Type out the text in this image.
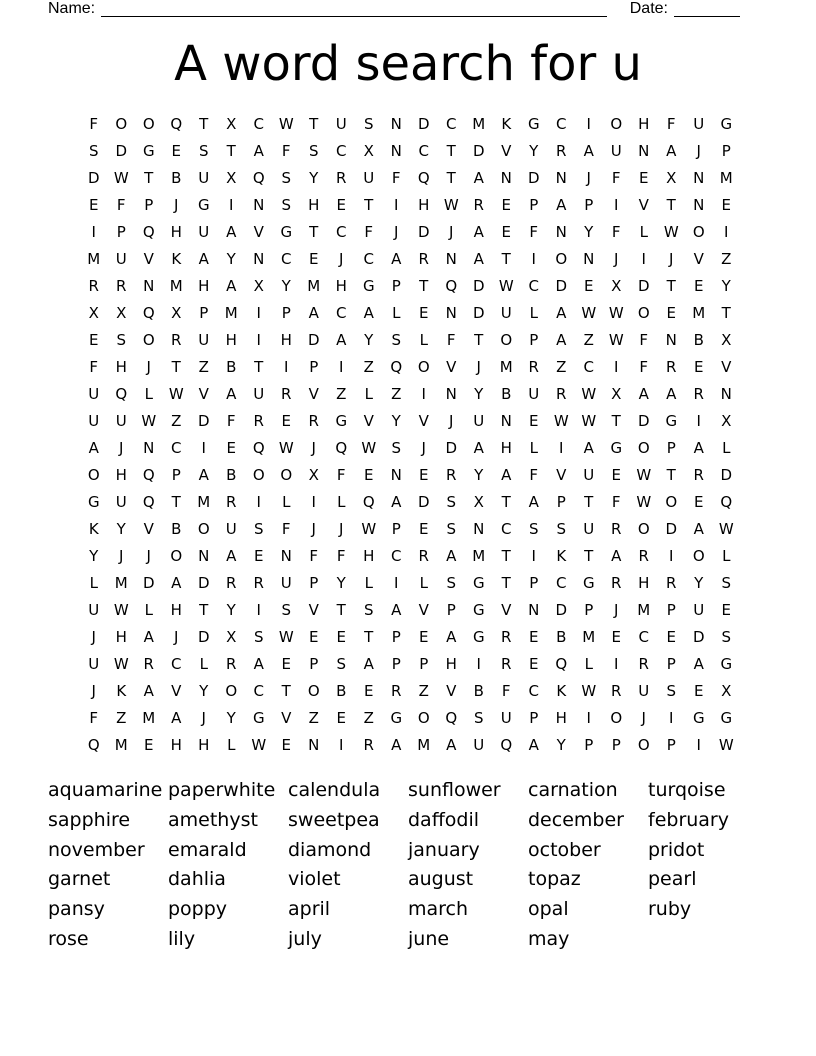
Name:	Date:
A word search for u
F	O	O	Q	T	X	C W	T	U	S	N	D	C	M	K	G	C	I	O	H	F	U	G
S	D	G	E	S	T	A	F	S	C	X	N	C	T	D	V	Y	R	A	U	N	A	J	P
D W	T	B	U	X	Q	S	Y	R	U	F	Q	T	A	N	D	N	J	F	E	X	N	M
E	F	P	J	G	I	N	S	H	E	T	I	H W R	E	P	A	P	I	V	T	N	E
I	P	Q	H	U	A	V	G	T	C	F	J	D	J	A	E	F	N	Y	F	L	W O	I
M	U	V	K	A	Y	N	C	E	J	C	A	R	N	A	T	I	O	N	J	I	J	V	Z
R	R	N	M	H	A	X	Y	M	H	G	P	T	Q	D W C	D	E	X	D	T	E	Y
X	X	Q	X	P	M	I	P	A	C	A	L	E	N	D	U	L	A W W O	E	M	T
E	S	O	R	U	H	I	H	D	A	Y	S	L	F	T	O	P	A	Z W	F	N	B	X
F	H	J	T	Z	B	T	I	P	I	Z	Q	O	V	J	M	R	Z	C	I	F	R	E	V
U	Q	L	W V	A	U	R	V	Z	L	Z	I	N	Y	B	U	R W X	A	A	R	N
U	U W Z	D	F	R	E	R	G	V	Y	V	J	U	N	E	W W	T	D	G	I	X
A	J	N	C	I	E	Q W	J	Q W	S	J	D	A	H	L	I	A	G	O	P	A	L
O	H	Q	P	A	B	O	O	X	F	E	N	E	R	Y	A	F	V	U	E	W	T	R	D
G	U	Q	T	M	R	I	L	I	L	Q	A	D	S	X	T	A	P	T	F	W O	E	Q
K	Y	V	B	O	U	S	F	J	J	W	P	E	S	N	C	S	S	U	R	O	D	A W
Y	J	J	O	N	A	E	N	F	F	H	C	R	A	M	T	I	K	T	A	R	I	O	L
L	M	D	A	D	R	R	U	P	Y	L	I	L	S	G	T	P	C	G	R	H	R	Y	S
U W	L	H	T	Y	I	S	V	T	S	A	V	P	G	V	N	D	P	J	M	P	U	E
J	H	A	J	D	X	S	W	E	E	T	P	E	A	G	R	E	B	M	E	C	E	D	S
U W R	C	L	R	A	E	P	S	A	P	P	H	I	R	E	Q	L	I	R	P	A	G
J	K	A	V	Y	O	C	T	O	B	E	R	Z	V	B	F	C	K	W R	U	S	E	X
F	Z	M	A	J	Y	G	V	Z	E	Z	G	O	Q	S	U	P	H	I	O	J	I	G	G
Q	M	E	H	H	L	W	E	N	I	R	A	M	A	U	Q	A	Y	P	P	O	P	I	W
aquamarine paperwhite calendula sunflower carnation turqoise
sapphire amethyst sweetpea daffodil	december february
november emarald diamond january	october pridot
garnet	dahlia	violet	august	topaz	pearl
pansy	poppy	april	march	opal	ruby
rose	lily	july	june	may
